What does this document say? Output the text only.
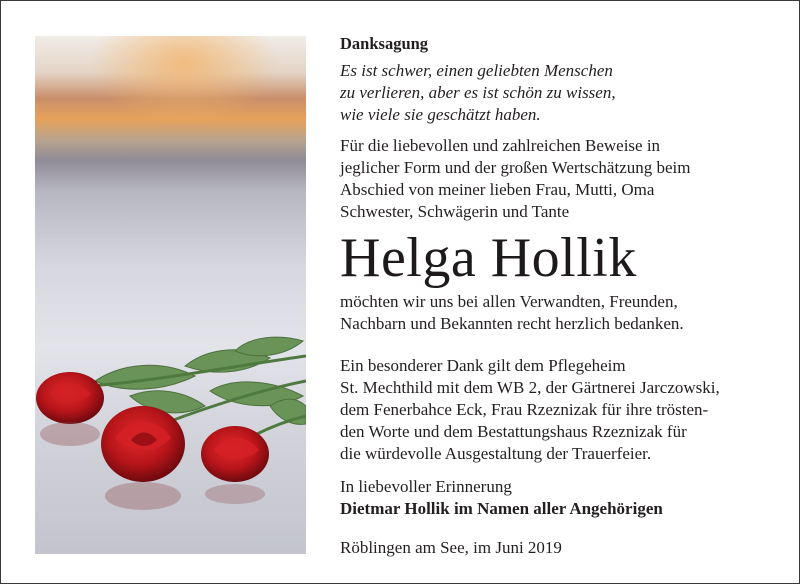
Danksagung
Es ist schwer, einen geliebten Menschen
zu verlieren, aber es ist schön zu wissen,
wie viele sie geschätzt haben.
Für die liebevollen und zahlreichen Beweise in
jeglicher Form und der großen Wertschätzung beim
Abschied von meiner lieben Frau, Mutti, Oma
Schwester, Schwägerin und Tante
Helga Hollik
möchten wir uns bei allen Verwandten, Freunden,
Nachbarn und Bekannten recht herzlich bedanken.
Ein besonderer Dank gilt dem Pflegeheim
St. Mechthild mit dem WB 2, der Gärtnerei Jarczowski,
dem Fenerbahce Eck, Frau Rzeznizak für ihre trösten-
den Worte und dem Bestattungshaus Rzeznizak für
die würdevolle Ausgestaltung der Trauerfeier.
In liebevoller Erinnerung
Dietmar Hollik im Namen aller Angehörigen
Röblingen am See, im Juni 2019
